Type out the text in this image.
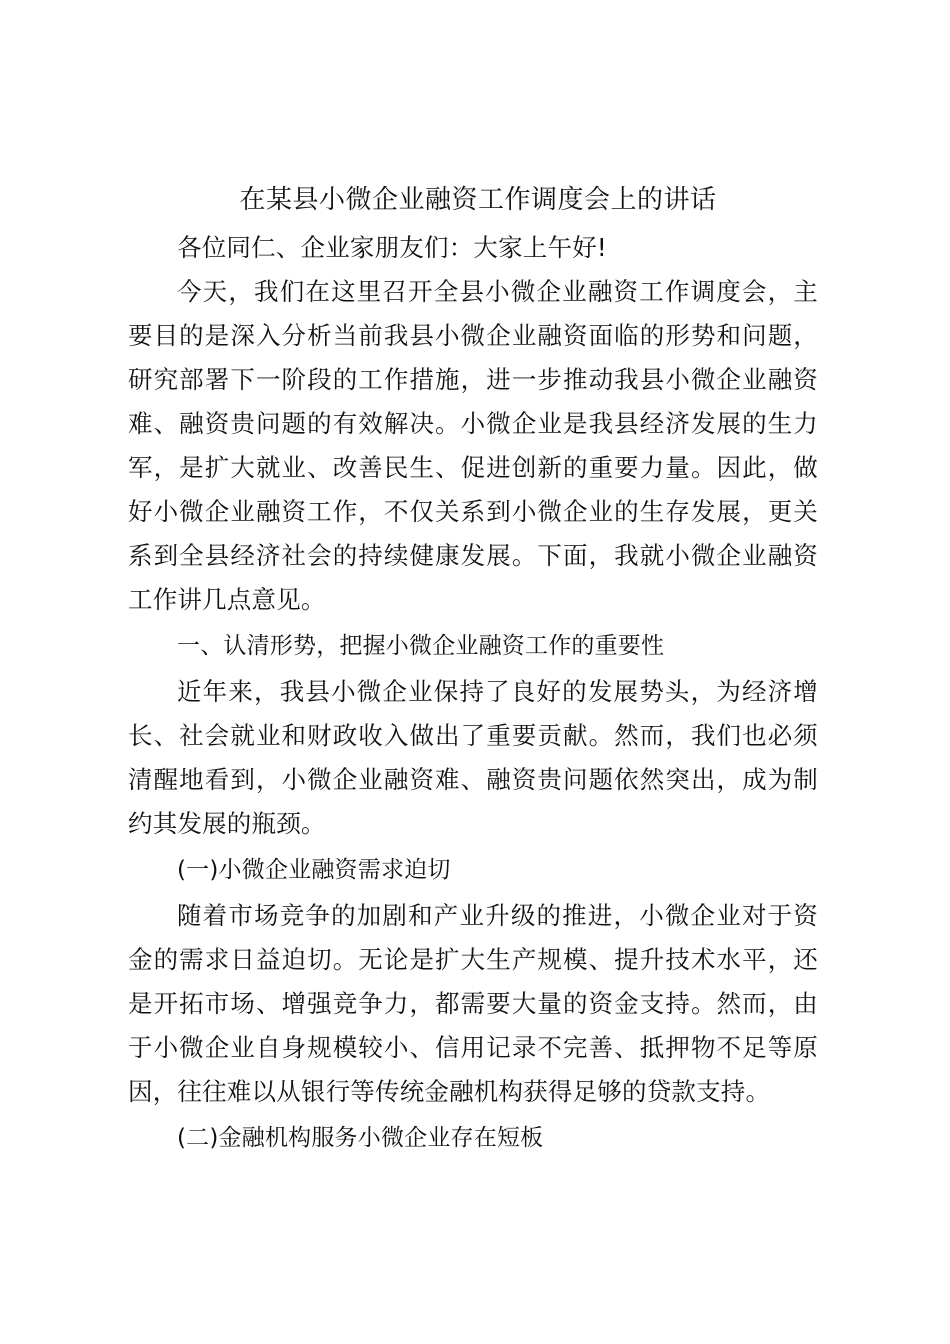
在某县小微企业融资工作调度会上的讲话
各位同仁、企业家朋友们：大家上午好!
今天，我们在这里召开全县小微企业融资工作调度会，主
要目的是深入分析当前我县小微企业融资面临的形势和问题，
研究部署下一阶段的工作措施，进一步推动我县小微企业融资
难、融资贵问题的有效解决。小微企业是我县经济发展的生力
军，是扩大就业、改善民生、促进创新的重要力量。因此，做
好小微企业融资工作，不仅关系到小微企业的生存发展，更关
系到全县经济社会的持续健康发展。下面，我就小微企业融资
工作讲几点意见。
一、认清形势，把握小微企业融资工作的重要性
近年来，我县小微企业保持了良好的发展势头，为经济增
长、社会就业和财政收入做出了重要贡献。然而，我们也必须
清醒地看到，小微企业融资难、融资贵问题依然突出，成为制
约其发展的瓶颈。
(一)小微企业融资需求迫切
随着市场竞争的加剧和产业升级的推进，小微企业对于资
金的需求日益迫切。无论是扩大生产规模、提升技术水平，还
是开拓市场、增强竞争力，都需要大量的资金支持。然而，由
于小微企业自身规模较小、信用记录不完善、抵押物不足等原
因，往往难以从银行等传统金融机构获得足够的贷款支持。
(二)金融机构服务小微企业存在短板
